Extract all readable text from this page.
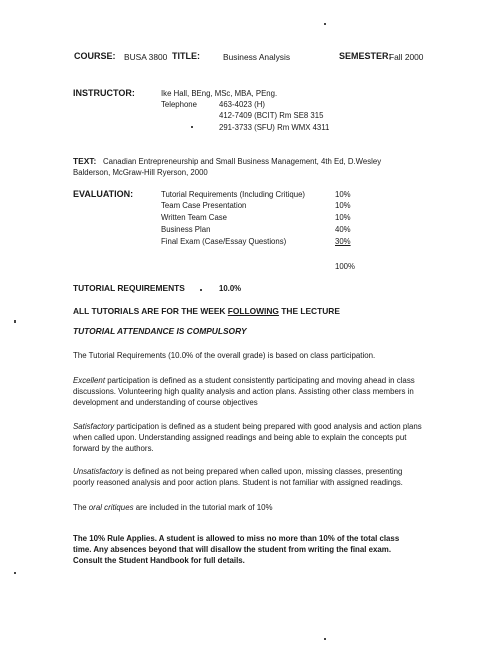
COURSE: BUSA 3800 TITLE:	Business Analysis	SEMESTER:
Fall 2000
INSTRUCTOR:	Ike Hall, BEng, MSc, MBA, PEng.
Telephone	463-4023 (H)
412-7409 (BCIT) Rm SE8 315
291-3733 (SFU) Rm WMX 4311
TEXT: Canadian Entrepreneurship and Small Business Management, 4th Ed, D.Wesley
Balderson, McGraw-Hill Ryerson, 2000
EVALUATION:	Tutorial Requirements (Including Critique)	10%
Team Case Presentation	10%
Written Team Case	10%
Business Plan	40%
Final Exam (Case/Essay Questions)	30%
100%
TUTORIAL REQUIREMENTS	10.0%
ALL TUTORIALS ARE FOR THE WEEK FOLLOWING THE LECTURE
TUTORIAL ATTENDANCE IS COMPULSORY
The Tutorial Requirements (10.0% of the overall grade) is based on class participation.
Excellent participation is defined as a student consistently participating and moving ahead in class discussions. Volunteering high quality analysis and action plans. Assisting other class members in development and understanding of course objectives
Satisfactory participation is defined as a student being prepared with good analysis and action plans when called upon. Understanding assigned readings and being able to explain the concepts put forward by the authors.
Unsatisfactory is defined as not being prepared when called upon, missing classes, presenting poorly reasoned analysis and poor action plans. Student is not familiar with assigned readings.
The oral critiques are included in the tutorial mark of 10%
The 10% Rule Applies. A student is allowed to miss no more than 10% of the total class time. Any absences beyond that will disallow the student from writing the final exam. Consult the Student Handbook for full details.
